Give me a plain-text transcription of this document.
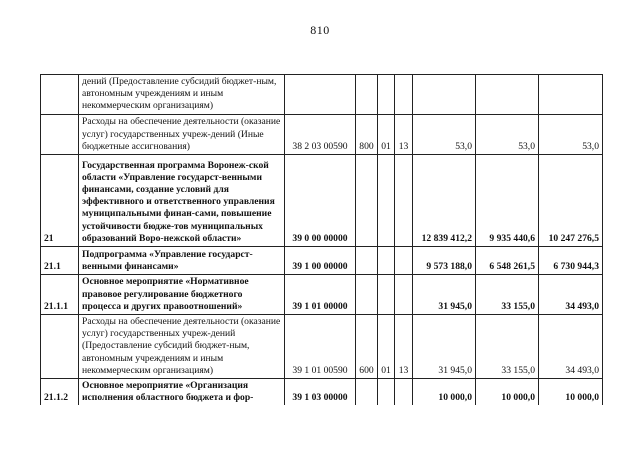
810
	дений (Предоставление субсидий бюджет-ным, автономным учреждениям и иным некоммерческим организациям)							
	Расходы на обеспечение деятельности (оказание услуг) государственных учреж-дений (Иные бюджетные ассигнования)	38 2 03 00590	800	01	13	53,0	53,0	53,0
21	Государственная программа Воронеж-ской области «Управление государст-венными финансами, создание условий для эффективного и ответственного управления муниципальными финан-сами, повышение устойчивости бюдже-тов муниципальных образований Воро-нежской области»	39 0 00 00000				12 839 412,2	9 935 440,6	10 247 276,5
21.1	Подпрограмма «Управление государст-венными финансами»	39 1 00 00000				9 573 188,0	6 548 261,5	6 730 944,3
21.1.1	Основное мероприятие «Нормативное правовое регулирование бюджетного процесса и других правоотношений»	39 1 01 00000				31 945,0	33 155,0	34 493,0
	Расходы на обеспечение деятельности (оказание услуг) государственных учреж-дений (Предоставление субсидий бюджет-ным, автономным учреждениям и иным некоммерческим организациям)	39 1 01 00590	600	01	13	31 945,0	33 155,0	34 493,0
21.1.2	Основное мероприятие «Организация исполнения областного бюджета и фор-	39 1 03 00000				10 000,0	10 000,0	10 000,0
